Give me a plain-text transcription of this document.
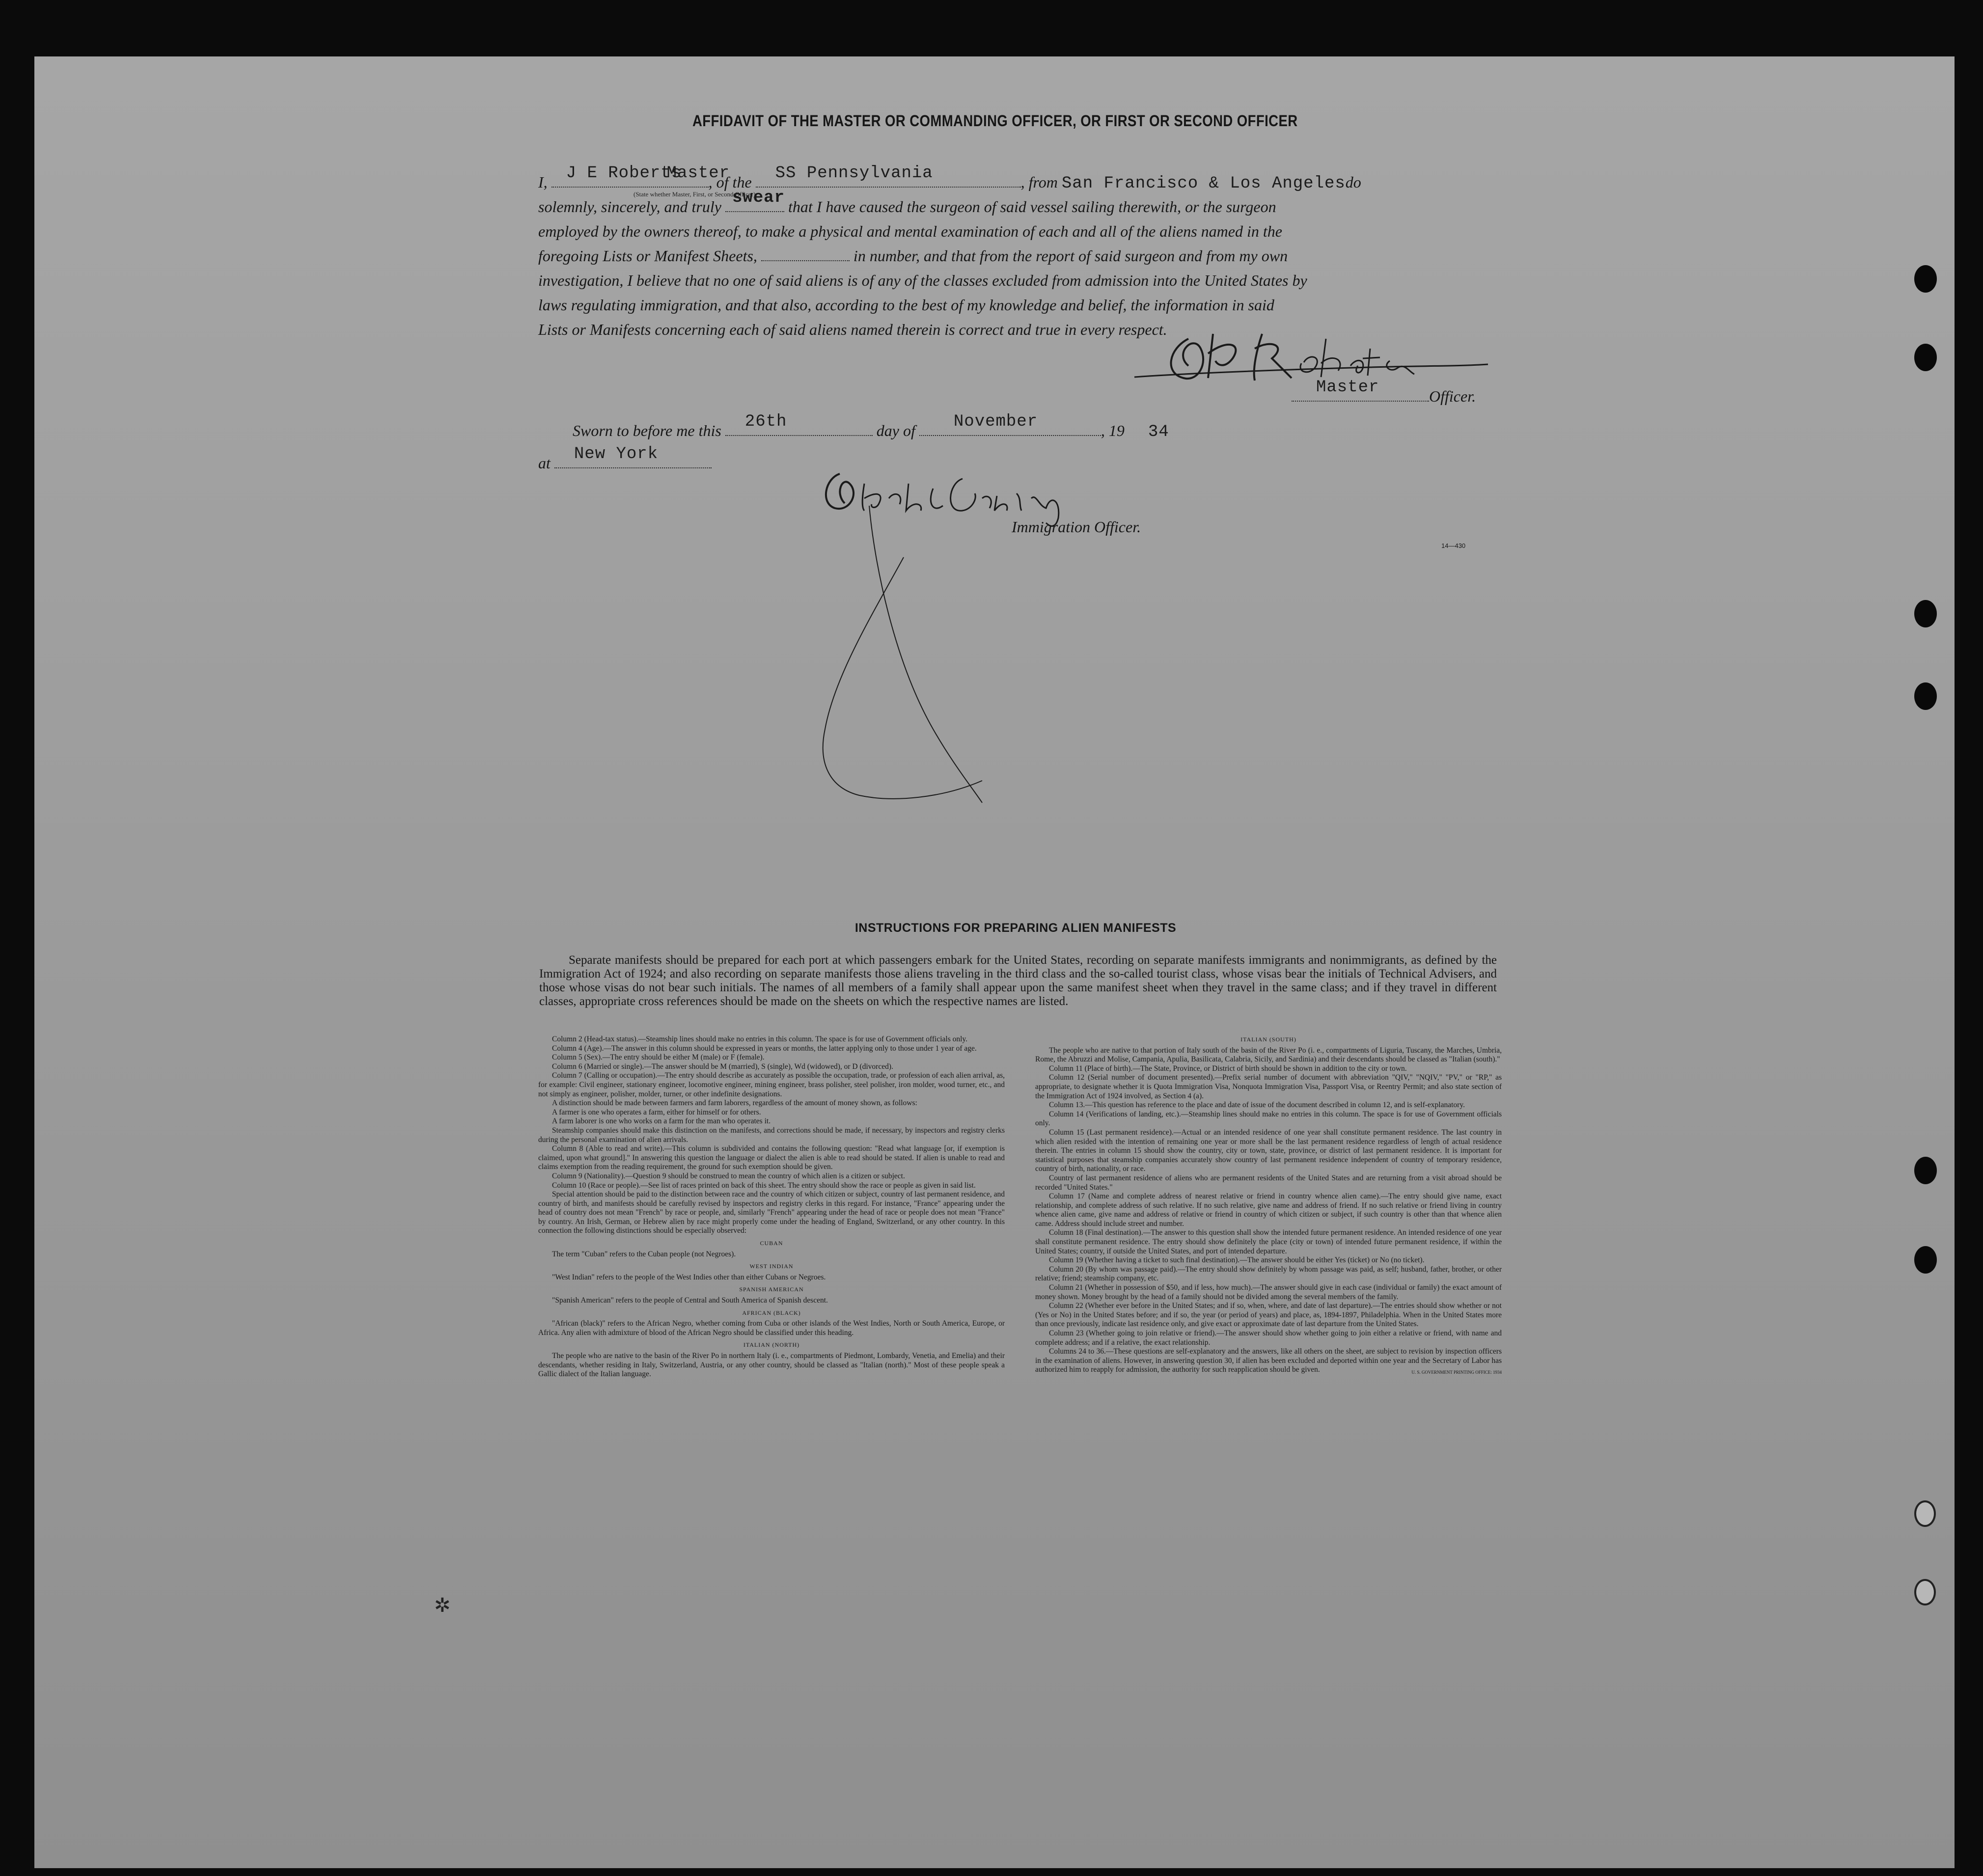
AFFIDAVIT OF THE MASTER OR COMMANDING OFFICER, OR FIRST OR SECOND OFFICER
I, J E Roberts
Master
, of the SS Pennsylvania	, from San Francisco & Los Angelesdo
(State whether Master, First, or Second Officer)
solemnly, sincerely, and truly swear that I have caused the surgeon of said vessel sailing therewith, or the surgeon
employed by the owners thereof, to make a physical and mental examination of each and all of the aliens named in the
foregoing Lists or Manifest Sheets,	in number, and that from the report of said surgeon and from my own
investigation, I believe that no one of said aliens is of any of the classes excluded from admission into the United States by
laws regulating immigration, and that also, according to the best of my knowledge and belief, the information in said
Lists or Manifests concerning each of said aliens named therein is correct and true in every respect.
Master	Officer.
Sworn to before me this 26th	day of November	, 19 34
at New York
Immigration Officer.
14—430
INSTRUCTIONS FOR PREPARING ALIEN MANIFESTS
Separate manifests should be prepared for each port at which passengers embark for the United States, recording on separate manifests immigrants and nonimmigrants, as defined by the Immigration Act of 1924; and also recording on separate manifests those aliens traveling in the third class and the so-called tourist class, whose visas bear the initials of Technical Advisers, and those whose visas do not bear such initials. The names of all members of a family shall appear upon the same manifest sheet when they travel in the same class; and if they travel in different classes, appropriate cross references should be made on the sheets on which the respective names are listed.

Column 2 (Head-tax status).—Steamship lines should make no entries in this column. The space is for use of Government officials only.

Column 4 (Age).—The answer in this column should be expressed in years or months, the latter applying only to those under 1 year of age.

Column 5 (Sex).—The entry should be either M (male) or F (female).

Column 6 (Married or single).—The answer should be M (married), S (single), Wd (widowed), or D (divorced).

Column 7 (Calling or occupation).—The entry should describe as accurately as possible the occupation, trade, or profession of each alien arrival, as, for example: Civil engineer, stationary engineer, locomotive engineer, mining engineer, brass polisher, steel polisher, iron molder, wood turner, etc., and not simply as engineer, polisher, molder, turner, or other indefinite designations.

A distinction should be made between farmers and farm laborers, regardless of the amount of money shown, as follows:

A farmer is one who operates a farm, either for himself or for others.

A farm laborer is one who works on a farm for the man who operates it.

Steamship companies should make this distinction on the manifests, and corrections should be made, if necessary, by inspectors and registry clerks during the personal examination of alien arrivals.

Column 8 (Able to read and write).—This column is subdivided and contains the following question: "Read what language [or, if exemption is claimed, upon what ground]." In answering this question the language or dialect the alien is able to read should be stated. If alien is unable to read and claims exemption from the reading requirement, the ground for such exemption should be given.

Column 9 (Nationality).—Question 9 should be construed to mean the country of which alien is a citizen or subject.

Column 10 (Race or people).—See list of races printed on back of this sheet. The entry should show the race or people as given in said list.

Special attention should be paid to the distinction between race and the country of which citizen or subject, country of last permanent residence, and country of birth, and manifests should be carefully revised by inspectors and registry clerks in this regard. For instance, "France" appearing under the head of country does not mean "French" by race or people, and, similarly "French" appearing under the head of race or people does not mean "France" by country. An Irish, German, or Hebrew alien by race might properly come under the heading of England, Switzerland, or any other country. In this connection the following distinctions should be especially observed:

CUBAN

The term "Cuban" refers to the Cuban people (not Negroes).

WEST INDIAN

"West Indian" refers to the people of the West Indies other than either Cubans or Negroes.

SPANISH AMERICAN

"Spanish American" refers to the people of Central and South America of Spanish descent.

AFRICAN (BLACK)

"African (black)" refers to the African Negro, whether coming from Cuba or other islands of the West Indies, North or South America, Europe, or Africa. Any alien with admixture of blood of the African Negro should be classified under this heading.

ITALIAN (NORTH)

The people who are native to the basin of the River Po in northern Italy (i. e., compartments of Piedmont, Lombardy, Venetia, and Emelia) and their descendants, whether residing in Italy, Switzerland, Austria, or any other country, should be classed as "Italian (north)." Most of these people speak a Gallic dialect of the Italian language.

ITALIAN (SOUTH)

The people who are native to that portion of Italy south of the basin of the River Po (i. e., compartments of Liguria, Tuscany, the Marches, Umbria, Rome, the Abruzzi and Molise, Campania, Apulia, Basilicata, Calabria, Sicily, and Sardinia) and their descendants should be classed as "Italian (south)."

Column 11 (Place of birth).—The State, Province, or District of birth should be shown in addition to the city or town.

Column 12 (Serial number of document presented).—Prefix serial number of document with abbreviation "QIV," "NQIV," "PV," or "RP," as appropriate, to designate whether it is Quota Immigration Visa, Nonquota Immigration Visa, Passport Visa, or Reentry Permit; and also state section of the Immigration Act of 1924 involved, as Section 4 (a).

Column 13.—This question has reference to the place and date of issue of the document described in column 12, and is self-explanatory.

Column 14 (Verifications of landing, etc.).—Steamship lines should make no entries in this column. The space is for use of Government officials only.

Column 15 (Last permanent residence).—Actual or an intended residence of one year shall constitute permanent residence. The last country in which alien resided with the intention of remaining one year or more shall be the last permanent residence regardless of length of actual residence therein. The entries in column 15 should show the country, city or town, state, province, or district of last permanent residence. It is important for statistical purposes that steamship companies accurately show country of last permanent residence independent of country of temporary residence, country of birth, nationality, or race.

Country of last permanent residence of aliens who are permanent residents of the United States and are returning from a visit abroad should be recorded "United States."

Column 17 (Name and complete address of nearest relative or friend in country whence alien came).—The entry should give name, exact relationship, and complete address of such relative. If no such relative, give name and address of friend. If no such relative or friend living in country whence alien came, give name and address of relative or friend in country of which citizen or subject, if such country is other than that whence alien came. Address should include street and number.

Column 18 (Final destination).—The answer to this question shall show the intended future permanent residence. An intended residence of one year shall constitute permanent residence. The entry should show definitely the place (city or town) of intended future permanent residence, if within the United States; country, if outside the United States, and port of intended departure.

Column 19 (Whether having a ticket to such final destination).—The answer should be either Yes (ticket) or No (no ticket).

Column 20 (By whom was passage paid).—The entry should show definitely by whom passage was paid, as self; husband, father, brother, or other relative; friend; steamship company, etc.

Column 21 (Whether in possession of $50, and if less, how much).—The answer should give in each case (individual or family) the exact amount of money shown. Money brought by the head of a family should not be divided among the several members of the family.

Column 22 (Whether ever before in the United States; and if so, when, where, and date of last departure).—The entries should show whether or not (Yes or No) in the United States before; and if so, the year (or period of years) and place, as, 1894-1897, Philadelphia. When in the United States more than once previously, indicate last residence only, and give exact or approximate date of last departure from the United States.

Column 23 (Whether going to join relative or friend).—The answer should show whether going to join either a relative or friend, with name and complete address; and if a relative, the exact relationship.

Columns 24 to 36.—These questions are self-explanatory and the answers, like all others on the sheet, are subject to revision by inspection officers in the examination of aliens. However, in answering question 30, if alien has been excluded and deported within one year and the Secretary of Labor has authorized him to reapply for admission, the authority for such reapplication should be given.	U. S. GOVERNMENT PRINTING OFFICE: 1934
✲
